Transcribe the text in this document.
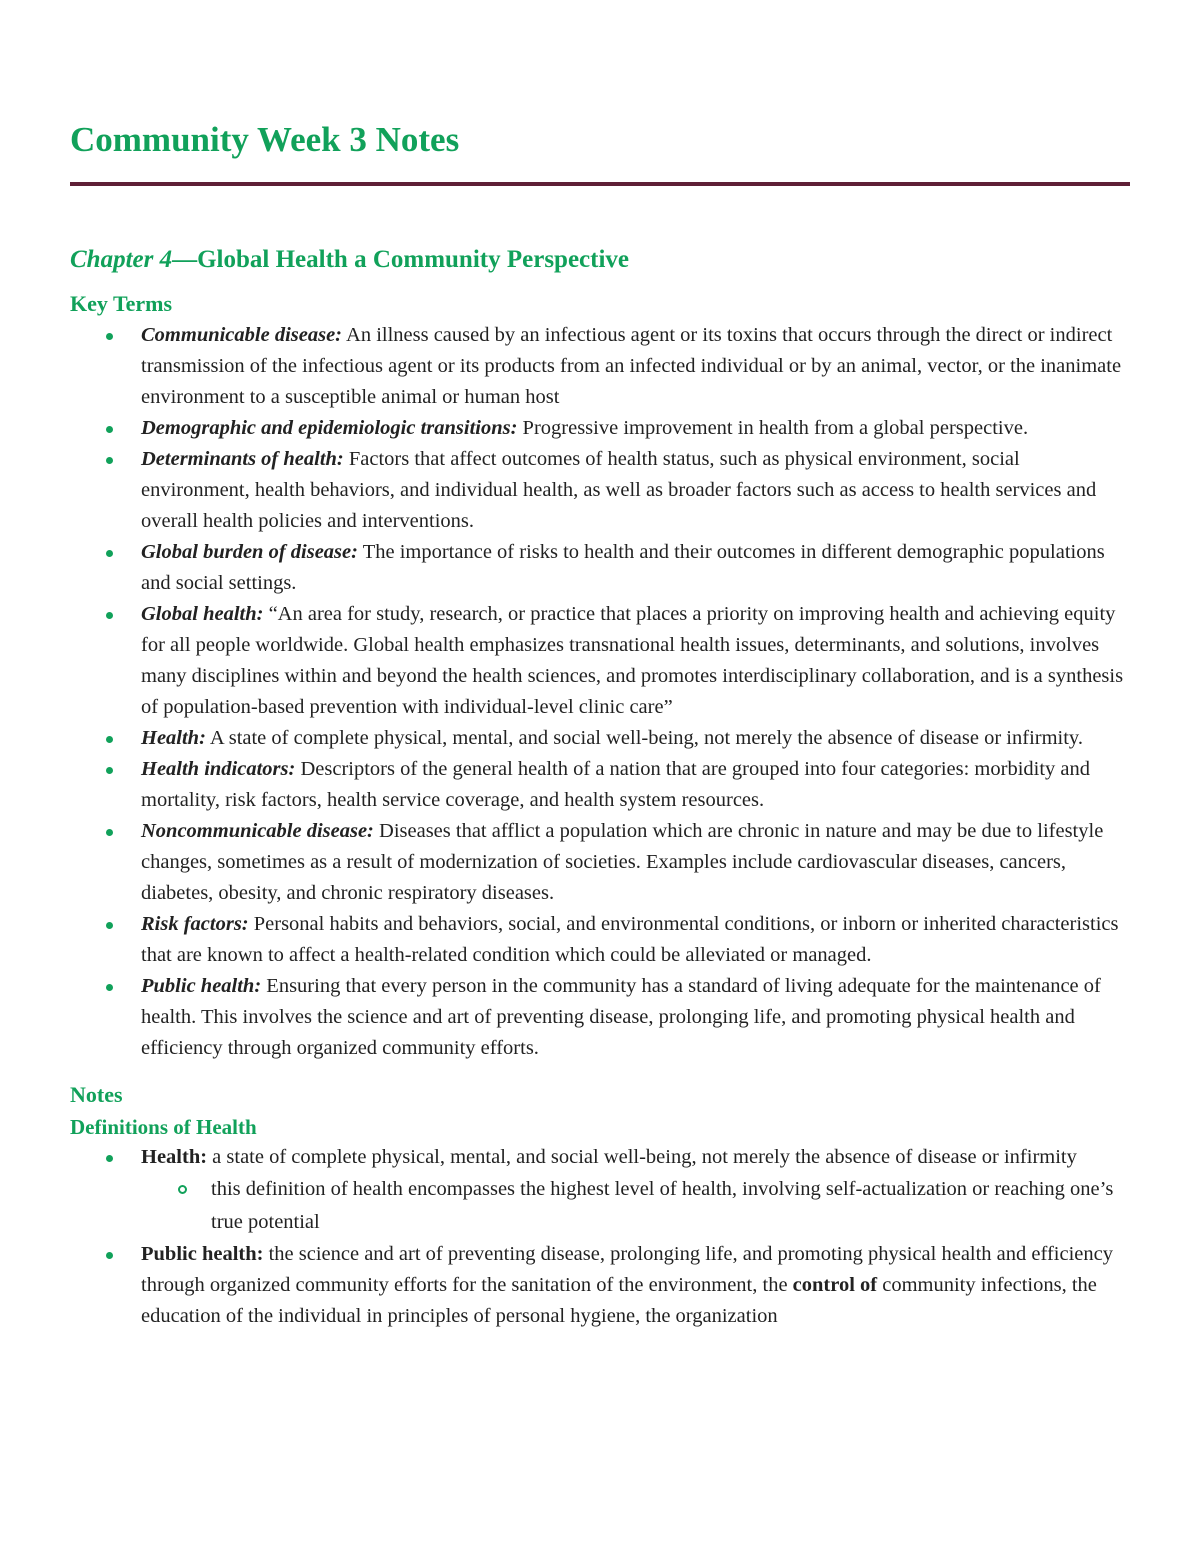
Community Week 3 Notes
Chapter 4—Global Health a Community Perspective
Key Terms
Communicable disease: An illness caused by an infectious agent or its toxins that occurs through the direct or indirect transmission of the infectious agent or its products from an infected individual or by an animal, vector, or the inanimate environment to a susceptible animal or human host
Demographic and epidemiologic transitions: Progressive improvement in health from a global perspective.
Determinants of health: Factors that affect outcomes of health status, such as physical environment, social environment, health behaviors, and individual health, as well as broader factors such as access to health services and overall health policies and interventions.
Global burden of disease: The importance of risks to health and their outcomes in different demographic populations and social settings.
Global health: “An area for study, research, or practice that places a priority on improving health and achieving equity for all people worldwide. Global health emphasizes transnational health issues, determinants, and solutions, involves many disciplines within and beyond the health sciences, and promotes interdisciplinary collaboration, and is a synthesis of population-based prevention with individual-level clinic care”
Health: A state of complete physical, mental, and social well-being, not merely the absence of disease or infirmity.
Health indicators: Descriptors of the general health of a nation that are grouped into four categories: morbidity and mortality, risk factors, health service coverage, and health system resources.
Noncommunicable disease: Diseases that afflict a population which are chronic in nature and may be due to lifestyle changes, sometimes as a result of modernization of societies. Examples include cardiovascular diseases, cancers, diabetes, obesity, and chronic respiratory diseases.
Risk factors: Personal habits and behaviors, social, and environmental conditions, or inborn or inherited characteristics that are known to affect a health-related condition which could be alleviated or managed.
Public health: Ensuring that every person in the community has a standard of living adequate for the maintenance of health. This involves the science and art of preventing disease, prolonging life, and promoting physical health and efficiency through organized community efforts.
Notes
Definitions of Health
Health: a state of complete physical, mental, and social well-being, not merely the absence of disease or infirmity
this definition of health encompasses the highest level of health, involving self-actualization or reaching one’s true potential
Public health: the science and art of preventing disease, prolonging life, and promoting physical health and efficiency through organized community efforts for the sanitation of the environment, the control of community infections, the education of the individual in principles of personal hygiene, the organization
